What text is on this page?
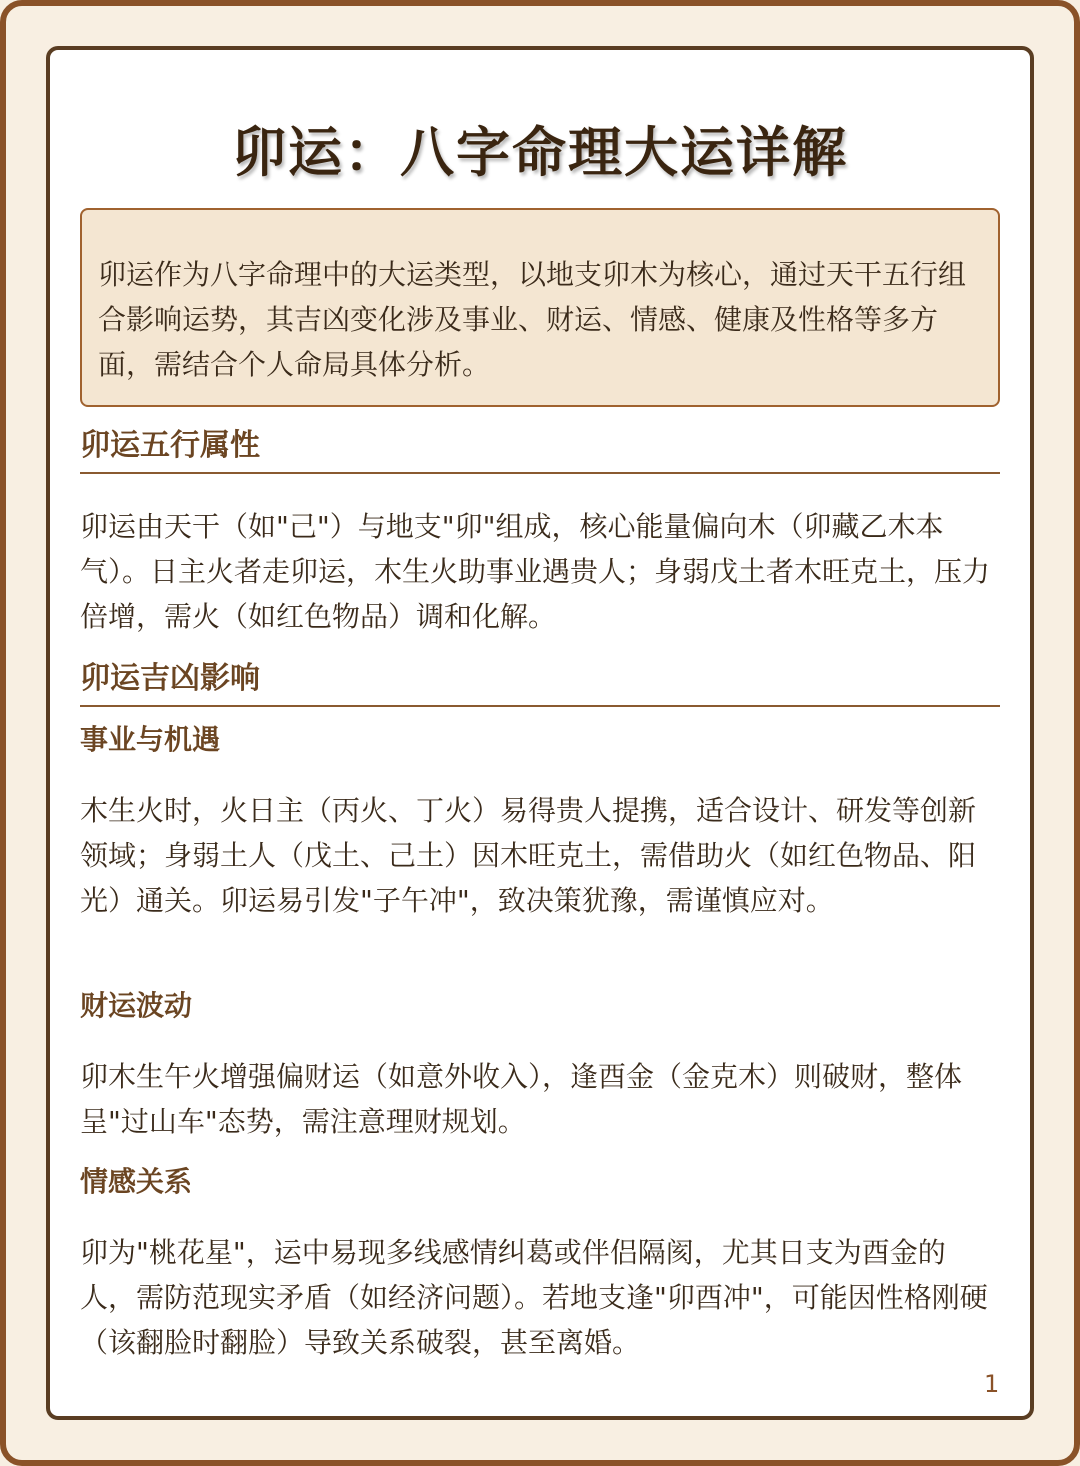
卯运：八字命理大运详解
卯运作为八字命理中的大运类型，以地支卯木为核心，通过天干五行组合影响运势，其吉凶变化涉及事业、财运、情感、健康及性格等多方面，需结合个人命局具体分析。
卯运五行属性
卯运由天干（如"己"）与地支"卯"组成，核心能量偏向木（卯藏乙木本气）。日主火者走卯运，木生火助事业遇贵人；身弱戊土者木旺克土，压力倍增，需火（如红色物品）调和化解。
卯运吉凶影响
事业与机遇
木生火时，火日主（丙火、丁火）易得贵人提携，适合设计、研发等创新领域；身弱土人（戊土、己土）因木旺克土，需借助火（如红色物品、阳光）通关。卯运易引发"子午冲"，致决策犹豫，需谨慎应对。
财运波动
卯木生午火增强偏财运（如意外收入），逢酉金（金克木）则破财，整体呈"过山车"态势，需注意理财规划。
情感关系
卯为"桃花星"，运中易现多线感情纠葛或伴侣隔阂，尤其日支为酉金的人，需防范现实矛盾（如经济问题）。若地支逢"卯酉冲"，可能因性格刚硬（该翻脸时翻脸）导致关系破裂，甚至离婚。
1
